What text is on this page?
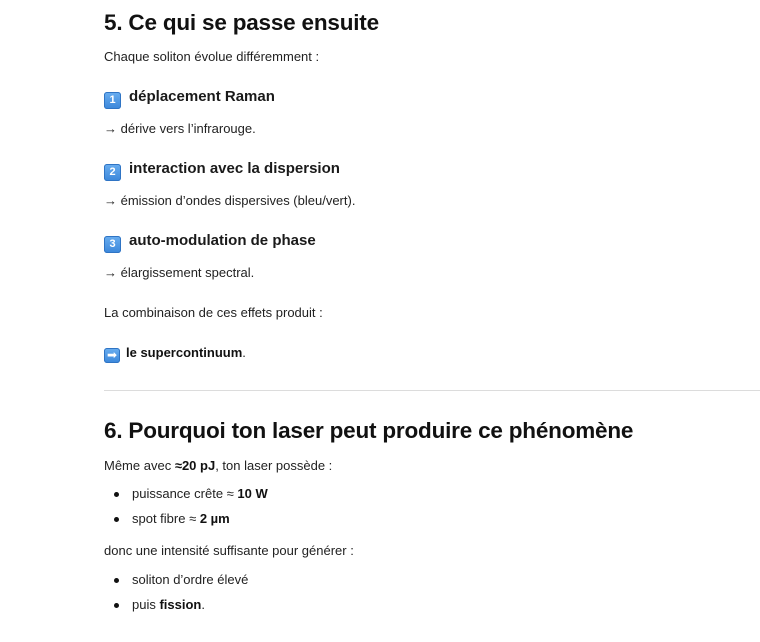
5. Ce qui se passe ensuite
Chaque soliton évolue différemment :
1 déplacement Raman
→ dérive vers l’infrarouge.
2 interaction avec la dispersion
→ émission d’ondes dispersives (bleu/vert).
3 auto-modulation de phase
→ élargissement spectral.
La combinaison de ces effets produit :
➡ le supercontinuum.
6. Pourquoi ton laser peut produire ce phénomène
Même avec ≈20 pJ, ton laser possède :
puissance crête ≈ 10 W
spot fibre ≈ 2 µm
donc une intensité suffisante pour générer :
soliton d’ordre élevé
puis fission.
